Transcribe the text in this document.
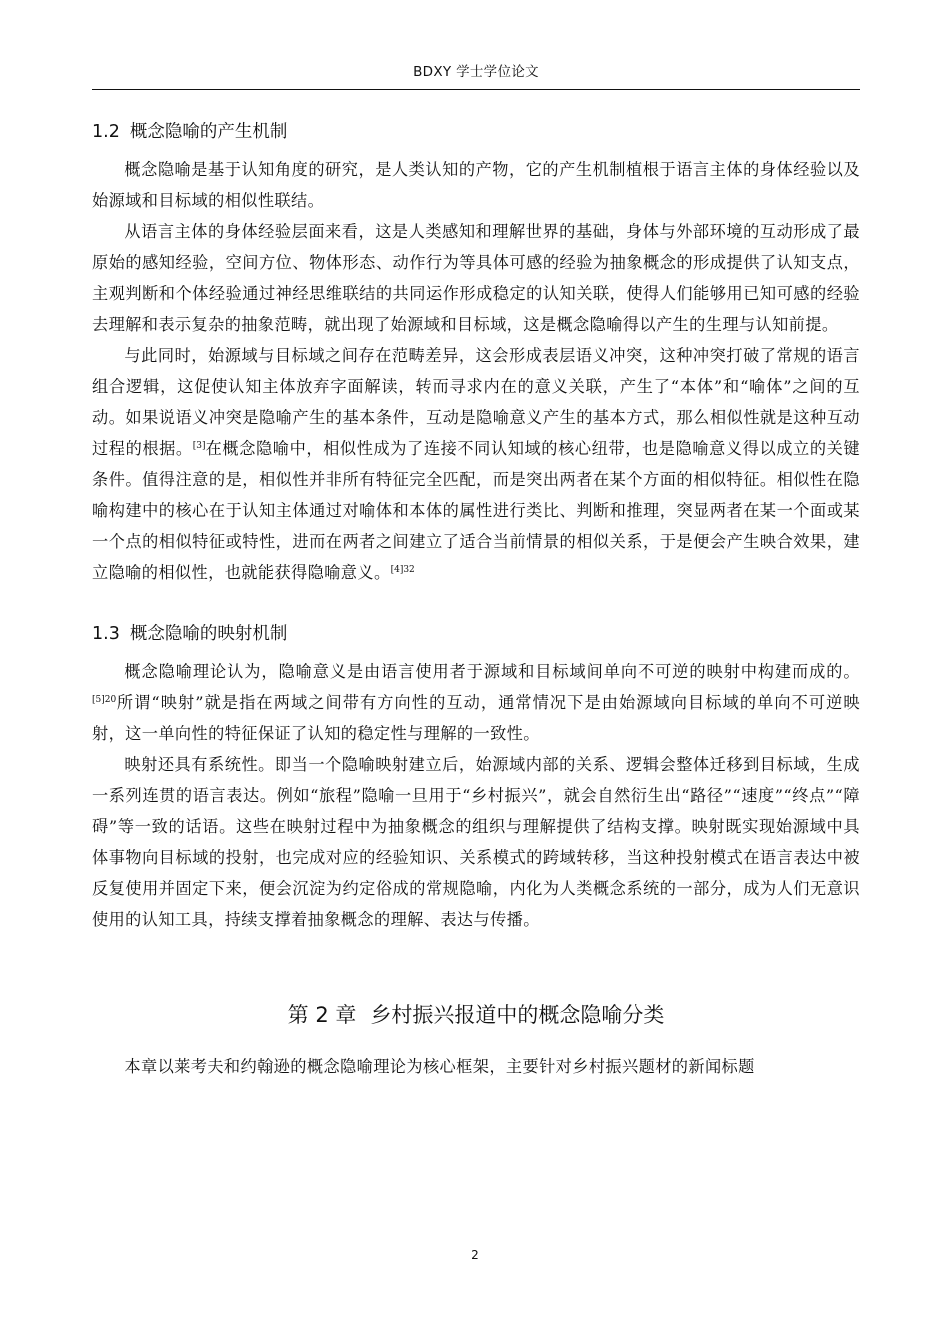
BDXY 学士学位论文
1.2 概念隐喻的产生机制

概念隐喻是基于认知角度的研究，是人类认知的产物，它的产生机制植根于语言主体的身体经验以及始源域和目标域的相似性联结。

从语言主体的身体经验层面来看，这是人类感知和理解世界的基础，身体与外部环境的互动形成了最原始的感知经验，空间方位、物体形态、动作行为等具体可感的经验为抽象概念的形成提供了认知支点，主观判断和个体经验通过神经思维联结的共同运作形成稳定的认知关联，使得人们能够用已知可感的经验去理解和表示复杂的抽象范畴，就出现了始源域和目标域，这是概念隐喻得以产生的生理与认知前提。

与此同时，始源域与目标域之间存在范畴差异，这会形成表层语义冲突，这种冲突打破了常规的语言组合逻辑，这促使认知主体放弃字面解读，转而寻求内在的意义关联，产生了“本体”和“喻体”之间的互动。如果说语义冲突是隐喻产生的基本条件，互动是隐喻意义产生的基本方式，那么相似性就是这种互动过程的根据。[3]在概念隐喻中，相似性成为了连接不同认知域的核心纽带，也是隐喻意义得以成立的关键条件。值得注意的是，相似性并非所有特征完全匹配，而是突出两者在某个方面的相似特征。相似性在隐喻构建中的核心在于认知主体通过对喻体和本体的属性进行类比、判断和推理，突显两者在某一个面或某一个点的相似特征或特性，进而在两者之间建立了适合当前情景的相似关系，于是便会产生映合效果，建立隐喻的相似性，也就能获得隐喻意义。$^{[4]32}$

1.3 概念隐喻的映射机制

概念隐喻理论认为，隐喻意义是由语言使用者于源域和目标域间单向不可逆的映射中构建而成的。$^{[5]20}$所谓“映射”就是指在两域之间带有方向性的互动，通常情况下是由始源域向目标域的单向不可逆映射，这一单向性的特征保证了认知的稳定性与理解的一致性。

映射还具有系统性。即当一个隐喻映射建立后，始源域内部的关系、逻辑会整体迁移到目标域，生成一系列连贯的语言表达。例如“旅程”隐喻一旦用于“乡村振兴”，就会自然衍生出“路径”“速度”“终点”“障碍”等一致的话语。这些在映射过程中为抽象概念的组织与理解提供了结构支撑。映射既实现始源域中具体事物向目标域的投射，也完成对应的经验知识、关系模式的跨域转移，当这种投射模式在语言表达中被反复使用并固定下来，便会沉淀为约定俗成的常规隐喻，内化为人类概念系统的一部分，成为人们无意识使用的认知工具，持续支撑着抽象概念的理解、表达与传播。

第 2 章 乡村振兴报道中的概念隐喻分类

本章以莱考夫和约翰逊的概念隐喻理论为核心框架，主要针对乡村振兴题材的新闻标题

2
